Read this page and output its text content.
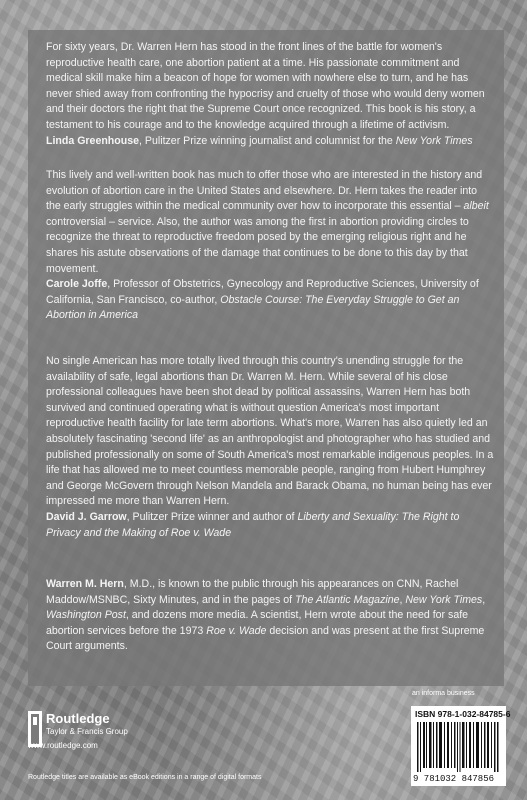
For sixty years, Dr. Warren Hern has stood in the front lines of the battle for women's reproductive health care, one abortion patient at a time. His passionate commitment and medical skill make him a beacon of hope for women with nowhere else to turn, and he has never shied away from confronting the hypocrisy and cruelty of those who would deny women and their doctors the right that the Supreme Court once recognized. This book is his story, a testament to his courage and to the knowledge acquired through a lifetime of activism.
Linda Greenhouse, Pulitzer Prize winning journalist and columnist for the New York Times

This lively and well-written book has much to offer those who are interested in the history and evolution of abortion care in the United States and elsewhere. Dr. Hern takes the reader into the early struggles within the medical community over how to incorporate this essential – albeit controversial – service. Also, the author was among the first in abortion providing circles to recognize the threat to reproductive freedom posed by the emerging religious right and he shares his astute observations of the damage that continues to be done to this day by that movement.
Carole Joffe, Professor of Obstetrics, Gynecology and Reproductive Sciences, University of California, San Francisco, co-author, Obstacle Course: The Everyday Struggle to Get an Abortion in America

No single American has more totally lived through this country's unending struggle for the availability of safe, legal abortions than Dr. Warren M. Hern. While several of his close professional colleagues have been shot dead by political assassins, Warren Hern has both survived and continued operating what is without question America's most important reproductive health facility for late term abortions. What's more, Warren has also quietly led an absolutely fascinating 'second life' as an anthropologist and photographer who has studied and published professionally on some of South America's most remarkable indigenous peoples. In a life that has allowed me to meet countless memorable people, ranging from Hubert Humphrey and George McGovern through Nelson Mandela and Barack Obama, no human being has ever impressed me more than Warren Hern.
David J. Garrow, Pulitzer Prize winner and author of Liberty and Sexuality: The Right to Privacy and the Making of Roe v. Wade

Warren M. Hern, M.D., is known to the public through his appearances on CNN, Rachel Maddow/MSNBC, Sixty Minutes, and in the pages of The Atlantic Magazine, New York Times, Washington Post, and dozens more media. A scientist, Hern wrote about the need for safe abortion services before the 1973 Roe v. Wade decision and was present at the first Supreme Court arguments.

Routledge
Taylor & Francis Group
www.routledge.com
an informa business
ISBN 978-1-032-84785-6
9 781032 847856
Routledge titles are available as eBook editions in a range of digital formats
